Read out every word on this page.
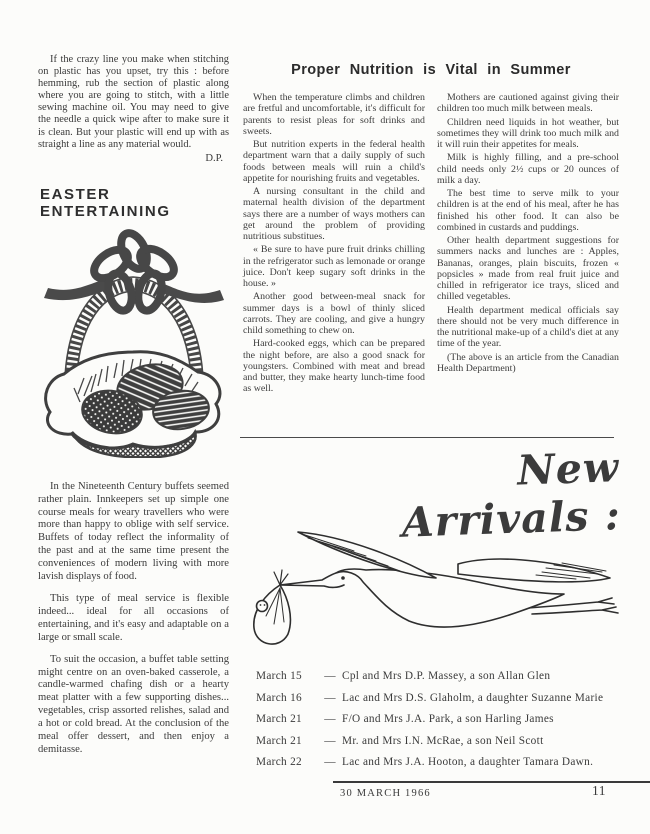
If the crazy line you make when stitching on plastic has you upset, try this : before hemming, rub the section of plastic along where you are going to stitch, with a little sewing machine oil. You may need to give the needle a quick wipe after to make sure it is clean. But your plastic will end up with as straight a line as any material would.

D.P.
EASTER ENTERTAINING

In the Nineteenth Century buffets seemed rather plain. Innkeepers set up simple one course meals for weary travellers who were more than happy to oblige with self service. Buffets of today reflect the informality of the past and at the same time present the conveniences of modern living with more lavish displays of food.

This type of meal service is flexible indeed... ideal for all occasions of entertaining, and it's easy and adaptable on a large or small scale.

To suit the occasion, a buffet table setting might centre on an oven-baked casserole, a candle-warmed chafing dish or a hearty meat platter with a few supporting dishes... vegetables, crisp assorted relishes, salad and a hot or cold bread. At the conclusion of the meal offer dessert, and then enjoy a demitasse.

Proper Nutrition is Vital in Summer

When the temperature climbs and children are fretful and uncomfortable, it's difficult for parents to resist pleas for soft drinks and sweets.

But nutrition experts in the federal health department warn that a daily supply of such foods between meals will ruin a child's appetite for nourishing fruits and vegetables.

A nursing consultant in the child and maternal health division of the department says there are a number of ways mothers can get around the problem of providing nutritious substitues.

« Be sure to have pure fruit drinks chilling in the refrigerator such as lemonade or orange juice. Don't keep sugary soft drinks in the house. »

Another good between-meal snack for summer days is a bowl of thinly sliced carrots. They are cooling, and give a hungry child something to chew on.

Hard-cooked eggs, which can be prepared the night before, are also a good snack for youngsters. Combined with meat and bread and butter, they make hearty lunch-time food as well.

Mothers are cautioned against giving their children too much milk between meals.

Children need liquids in hot weather, but sometimes they will drink too much milk and it will ruin their appetites for meals.

Milk is highly filling, and a pre-school child needs only 2½ cups or 20 ounces of milk a day.

The best time to serve milk to your children is at the end of his meal, after he has finished his other food. It can also be combined in custards and puddings.

Other health department suggestions for summers nacks and lunches are : Apples, Bananas, oranges, plain biscuits, frozen « popsicles » made from real fruit juice and chilled in refrigerator ice trays, sliced and chilled vegetables.

Health department medical officials say there should not be very much difference in the nutritional make-up of a child's diet at any time of the year.

(The above is an article from the Canadian Health Department)

New Arrivals :
March 15	— Cpl and Mrs D.P. Massey, a son Allan Glen
March 16	— Lac and Mrs D.S. Glaholm, a daughter Suzanne Marie
March 21	— F/O and Mrs J.A. Park, a son Harling James
March 21	— Mr. and Mrs I.N. McRae, a son Neil Scott
March 22	— Lac and Mrs J.A. Hooton, a daughter Tamara Dawn.
30 MARCH 1966	11
